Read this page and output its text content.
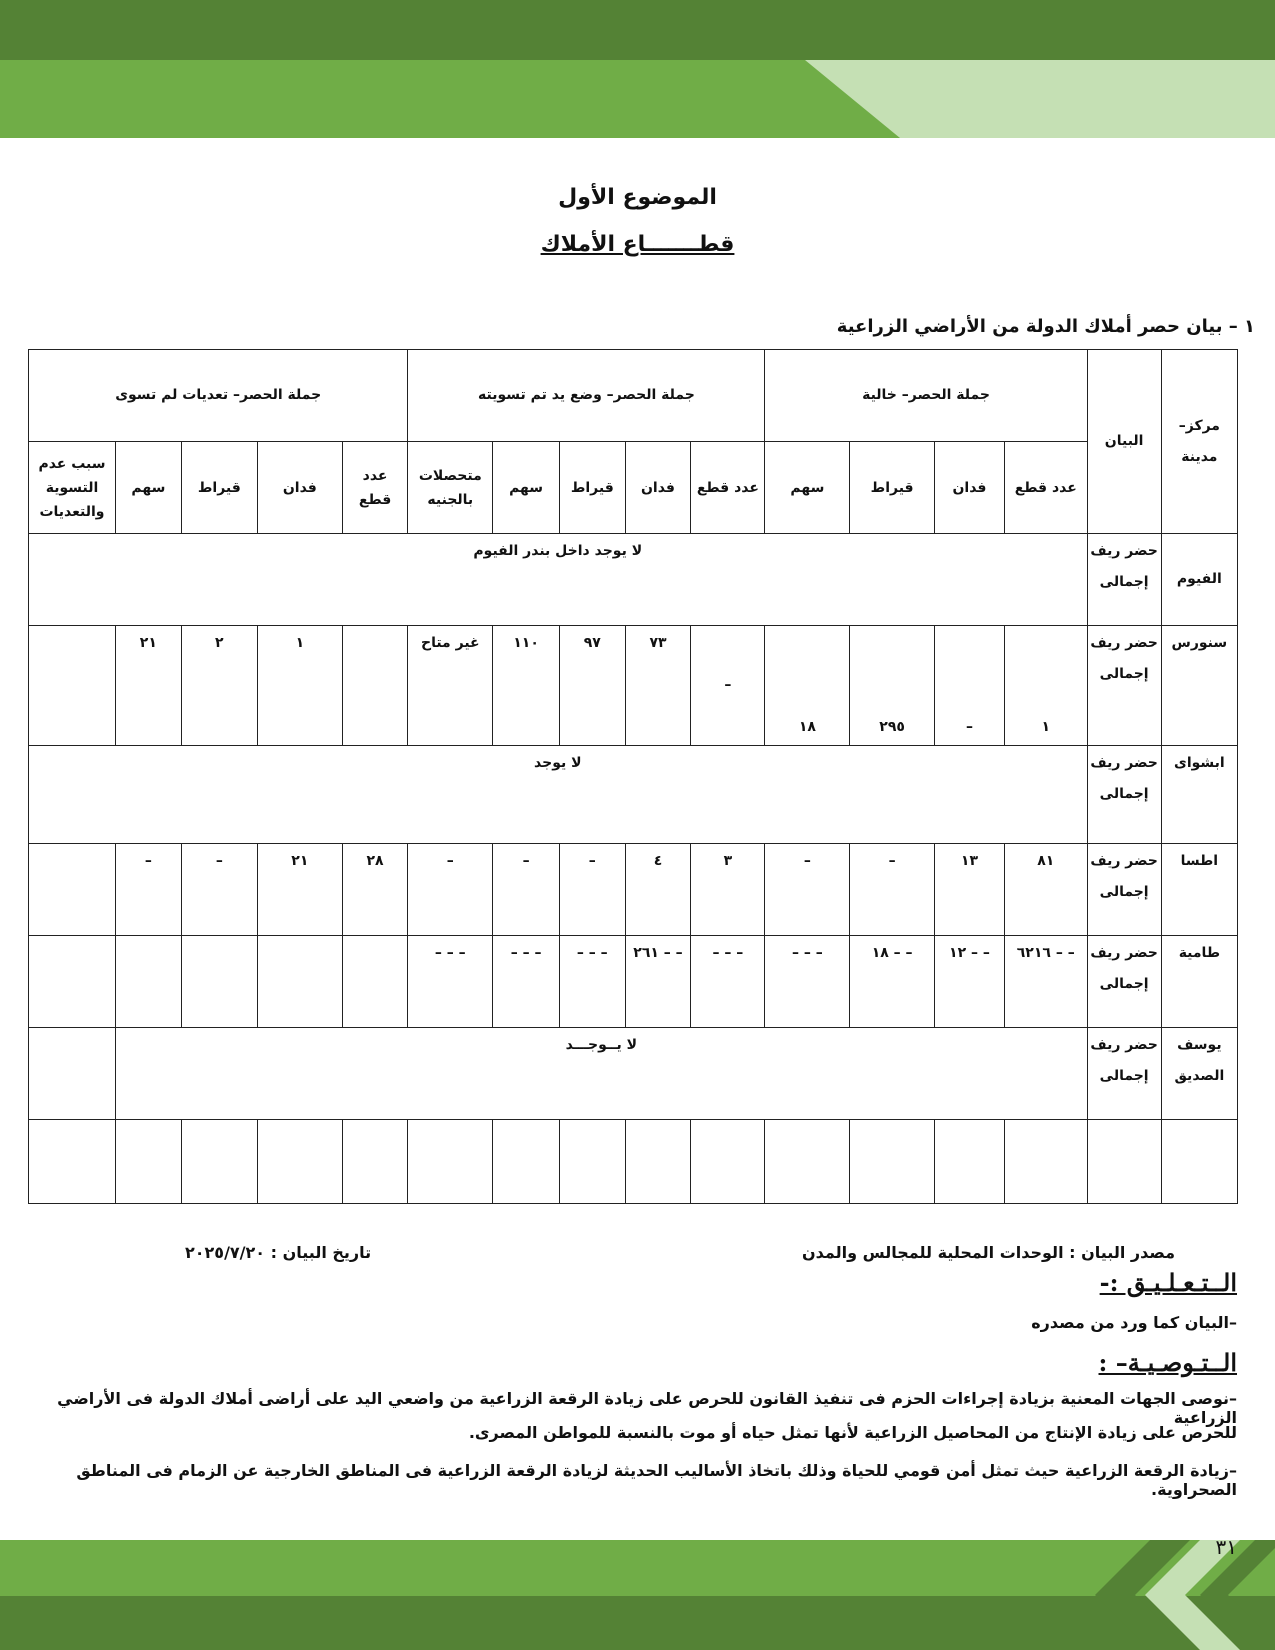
الموضوع الأول
قطـــــــاع الأملاك
١ – بيان حصر أملاك الدولة من الأراضي الزراعية
مركز– مدينة	البيان	جملة الحصر– خالية				جملة الحصر– وضع يد تم تسويته					جملة الحصر– تعديات لم تسوى				
		عدد قطع	فدان	قيراط	سهم	عدد قطع	فدان	قيراط	سهم	متحصلات بالجنيه	عدد قطع	فدان	قيراط	سهم	سبب عدم التسوية والتعديات
الفيوم	حضر ريف إجمالى	لا يوجد داخل بندر الفيوم													
سنورس	حضر ريف إجمالى	١	–	٢٩٥	١٨	–	٧٣	٩٧	١١٠	غير متاح		١	٢	٢١	
ابشواى	حضر ريف إجمالى	لا يوجد													
اطسا	حضر ريف إجمالى	٨١	١٣	–	–	٣	٤	–	–	–	٢٨	٢١	–	–	
طامية	حضر ريف إجمالى	– – ٦٢١٦	– – ١٢	– – ١٨	– – –	– – –	– – ٢٦١	– – –	– – –	– – –					
يوسف الصديق	حضر ريف إجمالى	لا يــوجـــد													

مصدر البيان : الوحدات المحلية للمجالس والمدن
تاريخ البيان : ٢٠٢٥/٧/٢٠
الــتـعـلـيـق :-
–البيان كما ورد من مصدره
الــتـوصـيـة– :
–نوصى الجهات المعنية بزيادة إجراءات الحزم فى تنفيذ القانون للحرص على زيادة الرقعة الزراعية من واضعي اليد على أراضى أملاك الدولة فى الأراضي الزراعية
للحرص على زيادة الإنتاج من المحاصيل الزراعية لأنها تمثل حياه أو موت بالنسبة للمواطن المصرى.
–زيادة الرقعة الزراعية حيث تمثل أمن قومي للحياة وذلك باتخاذ الأساليب الحديثة لزيادة الرقعة الزراعية فى المناطق الخارجية عن الزمام فى المناطق الصحراوية.
٣١
